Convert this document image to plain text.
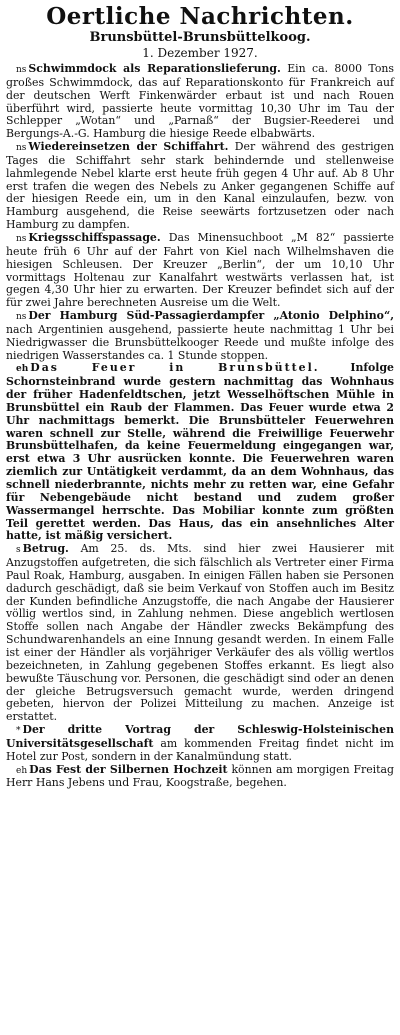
Oertliche Nachrichten.
Brunsbüttel-Brunsbüttelkoog.
1. Dezember 1927.

ns Schwimmdock als Reparationslieferung. Ein ca. 8000 Tons großes Schwimmdock, das auf Reparationskonto für Frankreich auf der deutschen Werft Finkenwärder erbaut ist und nach Rouen überführt wird, passierte heute vormittag 10,30 Uhr im Tau der Schlepper „Wotan“ und „Parnaß“ der Bugsier-Reederei und Bergungs-A.-G. Hamburg die hiesige Reede elbabwärts.

ns Wiedereinsetzen der Schiffahrt. Der während des gestrigen Tages die Schiffahrt sehr stark behindernde und stellenweise lahmlegende Nebel klarte erst heute früh gegen 4 Uhr auf. Ab 8 Uhr erst trafen die wegen des Nebels zu Anker gegangenen Schiffe auf der hiesigen Reede ein, um in den Kanal einzulaufen, bezw. von Hamburg ausgehend, die Reise seewärts fortzusetzen oder nach Hamburg zu dampfen.

ns Kriegsschiffspassage. Das Minensuchboot „M 82“ passierte heute früh 6 Uhr auf der Fahrt von Kiel nach Wilhelmshaven die hiesigen Schleusen. Der Kreuzer „Berlin“, der um 10,10 Uhr vormittags Holtenau zur Kanalfahrt westwärts verlassen hat, ist gegen 4,30 Uhr hier zu erwarten. Der Kreuzer befindet sich auf der für zwei Jahre berechneten Ausreise um die Welt.

ns Der Hamburg Süd-Passagierdampfer „Atonio Delphino“, nach Argentinien ausgehend, passierte heute nachmittag 1 Uhr bei Niedrigwasser die Brunsbüttelkooger Reede und mußte infolge des niedrigen Wasserstandes ca. 1 Stunde stoppen.

eh Das Feuer in Brunsbüttel.	Infolge Schornsteinbrand wurde gestern nachmittag das Wohnhaus der früher Hadenfeldtschen, jetzt Wesselhöftschen Mühle in Brunsbüttel ein Raub der Flammen. Das Feuer wurde etwa 2 Uhr nachmittags bemerkt. Die Brunsbütteler Feuerwehren waren schnell zur Stelle, während die Freiwillige Feuerwehr Brunsbüttelhafen, da keine Feuermeldung eingegangen war, erst etwa 3 Uhr ausrücken konnte. Die Feuerwehren waren ziemlich zur Untätigkeit verdammt, da an dem Wohnhaus, das schnell niederbrannte, nichts mehr zu retten war, eine Gefahr für Nebengebäude nicht bestand und zudem großer Wassermangel herrschte. Das Mobiliar konnte zum größten Teil gerettet werden. Das Haus, das ein ansehnliches Alter hatte, ist mäßig versichert.

s Betrug. Am 25. ds. Mts. sind hier zwei Hausierer mit Anzugstoffen aufgetreten, die sich fälschlich als Vertreter einer Firma Paul Roak, Hamburg, ausgaben. In einigen Fällen haben sie Personen dadurch geschädigt, daß sie beim Verkauf von Stoffen auch im Besitz der Kunden befindliche Anzugstoffe, die nach Angabe der Hausierer völlig wertlos sind, in Zahlung nehmen. Diese angeblich wertlosen Stoffe sollen nach Angabe der Händler zwecks Bekämpfung des Schundwarenhandels an eine Innung gesandt werden. In einem Falle ist einer der Händler als vorjähriger Verkäufer des als völlig wertlos bezeichneten, in Zahlung gegebenen Stoffes erkannt. Es liegt also bewußte Täuschung vor. Personen, die geschädigt sind oder an denen der gleiche Betrugsversuch gemacht wurde, werden dringend gebeten, hiervon der Polizei Mitteilung zu machen. Anzeige ist erstattet.

* Der dritte Vortrag der Schleswig-Holsteinischen Universitätsgesellschaft am kommenden Freitag findet nicht im Hotel zur Post, sondern in der Kanalmündung statt.

eh Das Fest der Silbernen Hochzeit können am morgigen Freitag Herr Hans Jebens und Frau, Koogstraße, begehen.
